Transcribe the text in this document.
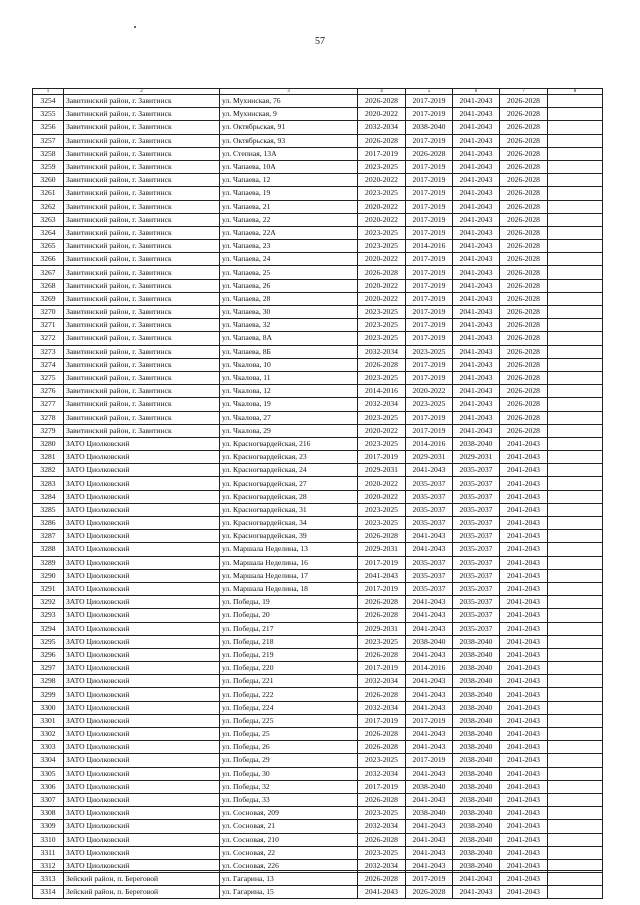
57
1	2	3	4	5	6	7	8
3254	Завитинский район, г. Завитинск	ул. Мухинская, 76	2026-2028	2017-2019	2041-2043	2026-2028	
3255	Завитинский район, г. Завитинск	ул. Мухинская, 9	2020-2022	2017-2019	2041-2043	2026-2028	
3256	Завитинский район, г. Завитинск	ул. Октябрьская, 91	2032-2034	2038-2040	2041-2043	2026-2028	
3257	Завитинский район, г. Завитинск	ул. Октябрьская, 93	2026-2028	2017-2019	2041-2043	2026-2028	
3258	Завитинский район, г. Завитинск	ул. Степная, 13А	2017-2019	2026-2028	2041-2043	2026-2028	
3259	Завитинский район, г. Завитинск	ул. Чапаева, 10А	2023-2025	2017-2019	2041-2043	2026-2028	
3260	Завитинский район, г. Завитинск	ул. Чапаева, 12	2020-2022	2017-2019	2041-2043	2026-2028	
3261	Завитинский район, г. Завитинск	ул. Чапаева, 19	2023-2025	2017-2019	2041-2043	2026-2028	
3262	Завитинский район, г. Завитинск	ул. Чапаева, 21	2020-2022	2017-2019	2041-2043	2026-2028	
3263	Завитинский район, г. Завитинск	ул. Чапаева, 22	2020-2022	2017-2019	2041-2043	2026-2028	
3264	Завитинский район, г. Завитинск	ул. Чапаева, 22А	2023-2025	2017-2019	2041-2043	2026-2028	
3265	Завитинский район, г. Завитинск	ул. Чапаева, 23	2023-2025	2014-2016	2041-2043	2026-2028	
3266	Завитинский район, г. Завитинск	ул. Чапаева, 24	2020-2022	2017-2019	2041-2043	2026-2028	
3267	Завитинский район, г. Завитинск	ул. Чапаева, 25	2026-2028	2017-2019	2041-2043	2026-2028	
3268	Завитинский район, г. Завитинск	ул. Чапаева, 26	2020-2022	2017-2019	2041-2043	2026-2028	
3269	Завитинский район, г. Завитинск	ул. Чапаева, 28	2020-2022	2017-2019	2041-2043	2026-2028	
3270	Завитинский район, г. Завитинск	ул. Чапаева, 30	2023-2025	2017-2019	2041-2043	2026-2028	
3271	Завитинский район, г. Завитинск	ул. Чапаева, 32	2023-2025	2017-2019	2041-2043	2026-2028	
3272	Завитинский район, г. Завитинск	ул. Чапаева, 8А	2023-2025	2017-2019	2041-2043	2026-2028	
3273	Завитинский район, г. Завитинск	ул. Чапаева, 8Б	2032-2034	2023-2025	2041-2043	2026-2028	
3274	Завитинский район, г. Завитинск	ул. Чкалова, 10	2026-2028	2017-2019	2041-2043	2026-2028	
3275	Завитинский район, г. Завитинск	ул. Чкалова, 11	2023-2025	2017-2019	2041-2043	2026-2028	
3276	Завитинский район, г. Завитинск	ул. Чкалова, 12	2014-2016	2020-2022	2041-2043	2026-2028	
3277	Завитинский район, г. Завитинск	ул. Чкалова, 19	2032-2034	2023-2025	2041-2043	2026-2028	
3278	Завитинский район, г. Завитинск	ул. Чкалова, 27	2023-2025	2017-2019	2041-2043	2026-2028	
3279	Завитинский район, г. Завитинск	ул. Чкалова, 29	2020-2022	2017-2019	2041-2043	2026-2028	
3280	ЗАТО Циолковский	ул. Красногвардейская, 216	2023-2025	2014-2016	2038-2040	2041-2043	
3281	ЗАТО Циолковский	ул. Красногвардейская, 23	2017-2019	2029-2031	2029-2031	2041-2043	
3282	ЗАТО Циолковский	ул. Красногвардейская, 24	2029-2031	2041-2043	2035-2037	2041-2043	
3283	ЗАТО Циолковский	ул. Красногвардейская, 27	2020-2022	2035-2037	2035-2037	2041-2043	
3284	ЗАТО Циолковский	ул. Красногвардейская, 28	2020-2022	2035-2037	2035-2037	2041-2043	
3285	ЗАТО Циолковский	ул. Красногвардейская, 31	2023-2025	2035-2037	2035-2037	2041-2043	
3286	ЗАТО Циолковский	ул. Красногвардейская, 34	2023-2025	2035-2037	2035-2037	2041-2043	
3287	ЗАТО Циолковский	ул. Красногвардейская, 39	2026-2028	2041-2043	2035-2037	2041-2043	
3288	ЗАТО Циолковский	ул. Маршала Неделина, 13	2029-2031	2041-2043	2035-2037	2041-2043	
3289	ЗАТО Циолковский	ул. Маршала Неделина, 16	2017-2019	2035-2037	2035-2037	2041-2043	
3290	ЗАТО Циолковский	ул. Маршала Неделина, 17	2041-2043	2035-2037	2035-2037	2041-2043	
3291	ЗАТО Циолковский	ул. Маршала Неделина, 18	2017-2019	2035-2037	2035-2037	2041-2043	
3292	ЗАТО Циолковский	ул. Победы, 19	2026-2028	2041-2043	2035-2037	2041-2043	
3293	ЗАТО Циолковский	ул. Победы, 20	2026-2028	2041-2043	2035-2037	2041-2043	
3294	ЗАТО Циолковский	ул. Победы, 217	2029-2031	2041-2043	2035-2037	2041-2043	
3295	ЗАТО Циолковский	ул. Победы, 218	2023-2025	2038-2040	2038-2040	2041-2043	
3296	ЗАТО Циолковский	ул. Победы, 219	2026-2028	2041-2043	2038-2040	2041-2043	
3297	ЗАТО Циолковский	ул. Победы, 220	2017-2019	2014-2016	2038-2040	2041-2043	
3298	ЗАТО Циолковский	ул. Победы, 221	2032-2034	2041-2043	2038-2040	2041-2043	
3299	ЗАТО Циолковский	ул. Победы, 222	2026-2028	2041-2043	2038-2040	2041-2043	
3300	ЗАТО Циолковский	ул. Победы, 224	2032-2034	2041-2043	2038-2040	2041-2043	
3301	ЗАТО Циолковский	ул. Победы, 225	2017-2019	2017-2019	2038-2040	2041-2043	
3302	ЗАТО Циолковский	ул. Победы, 25	2026-2028	2041-2043	2038-2040	2041-2043	
3303	ЗАТО Циолковский	ул. Победы, 26	2026-2028	2041-2043	2038-2040	2041-2043	
3304	ЗАТО Циолковский	ул. Победы, 29	2023-2025	2017-2019	2038-2040	2041-2043	
3305	ЗАТО Циолковский	ул. Победы, 30	2032-2034	2041-2043	2038-2040	2041-2043	
3306	ЗАТО Циолковский	ул. Победы, 32	2017-2019	2038-2040	2038-2040	2041-2043	
3307	ЗАТО Циолковский	ул. Победы, 33	2026-2028	2041-2043	2038-2040	2041-2043	
3308	ЗАТО Циолковский	ул. Сосновая, 209	2023-2025	2038-2040	2038-2040	2041-2043	
3309	ЗАТО Циолковский	ул. Сосновая, 21	2032-2034	2041-2043	2038-2040	2041-2043	
3310	ЗАТО Циолковский	ул. Сосновая, 210	2026-2028	2041-2043	2038-2040	2041-2043	
3311	ЗАТО Циолковский	ул. Сосновая, 22	2023-2025	2041-2043	2038-2040	2041-2043	
3312	ЗАТО Циолковский	ул. Сосновая, 226	2032-2034	2041-2043	2038-2040	2041-2043	
3313	Зейский район, п. Береговой	ул. Гагарина, 13	2026-2028	2017-2019	2041-2043	2041-2043	
3314	Зейский район, п. Береговой	ул. Гагарина, 15	2041-2043	2026-2028	2041-2043	2041-2043	
